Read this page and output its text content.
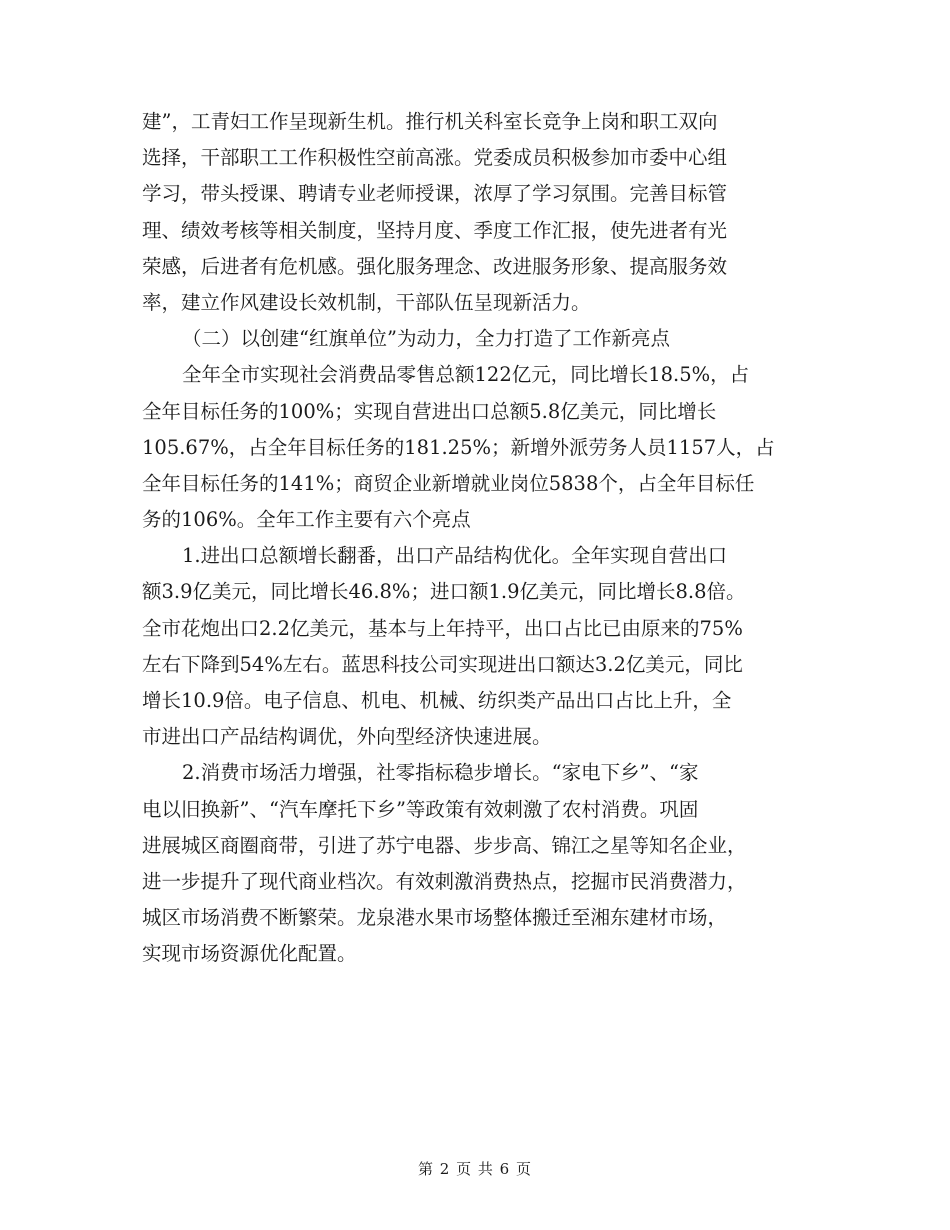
建”，工青妇工作呈现新生机。推行机关科室长竞争上岗和职工双向
选择，干部职工工作积极性空前高涨。党委成员积极参加市委中心组
学习，带头授课、聘请专业老师授课，浓厚了学习氛围。完善目标管
理、绩效考核等相关制度，坚持月度、季度工作汇报，使先进者有光
荣感，后进者有危机感。强化服务理念、改进服务形象、提高服务效
率，建立作风建设长效机制，干部队伍呈现新活力。
（二）以创建“红旗单位”为动力，全力打造了工作新亮点
全年全市实现社会消费品零售总额122亿元，同比增长18.5%，占
全年目标任务的100%；实现自营进出口总额5.8亿美元，同比增长
105.67%，占全年目标任务的181.25%；新增外派劳务人员1157人，占
全年目标任务的141%；商贸企业新增就业岗位5838个，占全年目标任
务的106%。全年工作主要有六个亮点
1.进出口总额增长翻番，出口产品结构优化。全年实现自营出口
额3.9亿美元，同比增长46.8%；进口额1.9亿美元，同比增长8.8倍。
全市花炮出口2.2亿美元，基本与上年持平，出口占比已由原来的75%
左右下降到54%左右。蓝思科技公司实现进出口额达3.2亿美元，同比
增长10.9倍。电子信息、机电、机械、纺织类产品出口占比上升，全
市进出口产品结构调优，外向型经济快速进展。
2.消费市场活力增强，社零指标稳步增长。“家电下乡”、“家
电以旧换新”、“汽车摩托下乡”等政策有效刺激了农村消费。巩固
进展城区商圈商带，引进了苏宁电器、步步高、锦江之星等知名企业，
进一步提升了现代商业档次。有效刺激消费热点，挖掘市民消费潜力，
城区市场消费不断繁荣。龙泉港水果市场整体搬迁至湘东建材市场，
实现市场资源优化配置。
第 2 页 共 6 页
